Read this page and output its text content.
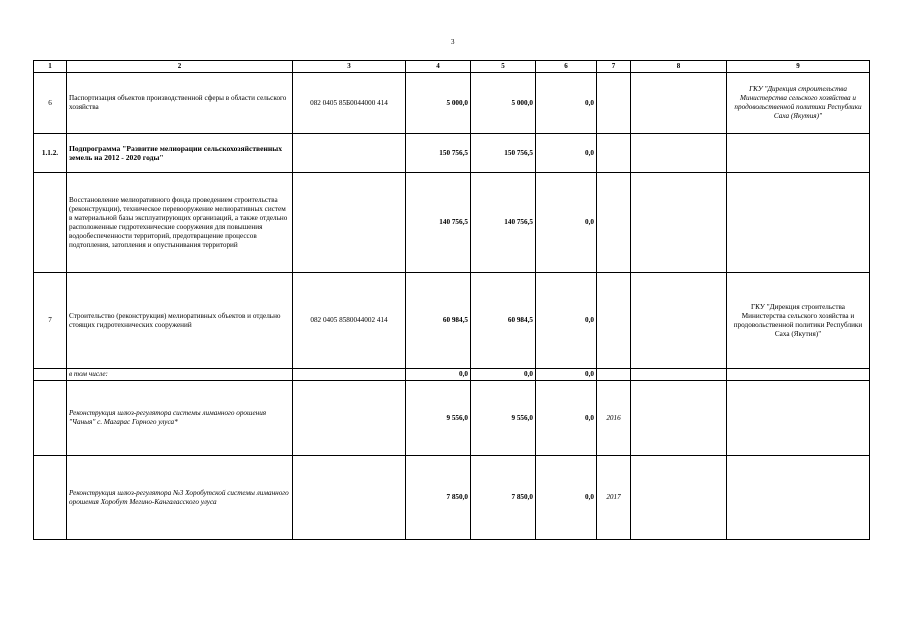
3
1	2	3	4	5	6	7	8	9
6	Паспортизация объектов производственной сферы в области сельского хозяйства	082 0405 85Б0044000 414	5 000,0	5 000,0	0,0			ГКУ "Дирекция строительства Министерства сельского хозяйства и продовольственной политики Республики Саха (Якутия)"
1.1.2.	Подпрограмма "Развитие мелиорации сельскохозяйственных земель на 2012 - 2020 годы"		150 756,5	150 756,5	0,0			
	Восстановление мелиоративного фонда проведением строительства (реконструкции), техническое перевооружение мелиоративных систем в материальной базы эксплуатирующих организаций, а также отдельно расположенные гидротехнические сооружения для повышения водообеспеченности территорий, предотвращение процессов подтопления, затопления и опустынивания территорий		140 756,5	140 756,5	0,0			
7	Строительство (реконструкция) мелиоративных объектов и отдельно стоящих гидротехнических сооружений	082 0405 8580044002 414	60 984,5	60 984,5	0,0			ГКУ "Дирекция строительства Министерства сельского хозяйства и продовольственной политики Республики Саха (Якутия)"
	в том числе:		0,0	0,0	0,0			
	Реконструкция шлюз-регулятора системы лиманного орошения "Чаныя" с. Магарас Горного улуса*		9 556,0	9 556,0	0,0	2016		
	Реконструкция шлюз-регулятора №3 Хоробутской системы лиманного орошения Хоробут Мегино-Кангаласского улуса		7 850,0	7 850,0	0,0	2017		
